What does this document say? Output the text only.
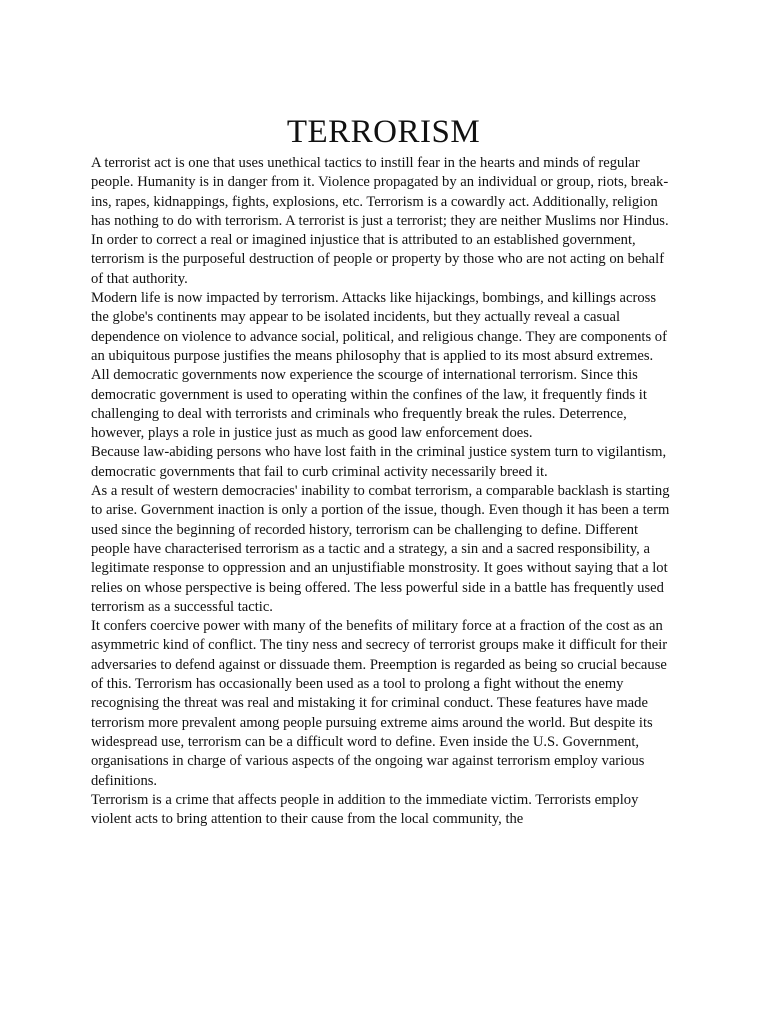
TERRORISM

A terrorist act is one that uses unethical tactics to instill fear in the hearts and minds of regular people. Humanity is in danger from it. Violence propagated by an individual or group, riots, break-ins, rapes, kidnappings, fights, explosions, etc. Terrorism is a cowardly act. Additionally, religion has nothing to do with terrorism. A terrorist is just a terrorist; they are neither Muslims nor Hindus.

In order to correct a real or imagined injustice that is attributed to an established government, terrorism is the purposeful destruction of people or property by those who are not acting on behalf of that authority.

Modern life is now impacted by terrorism. Attacks like hijackings, bombings, and killings across the globe's continents may appear to be isolated incidents, but they actually reveal a casual dependence on violence to advance social, political, and religious change. They are components of an ubiquitous purpose justifies the means philosophy that is applied to its most absurd extremes.

All democratic governments now experience the scourge of international terrorism. Since this democratic government is used to operating within the confines of the law, it frequently finds it challenging to deal with terrorists and criminals who frequently break the rules. Deterrence, however, plays a role in justice just as much as good law enforcement does.

Because law-abiding persons who have lost faith in the criminal justice system turn to vigilantism, democratic governments that fail to curb criminal activity necessarily breed it.

As a result of western democracies' inability to combat terrorism, a comparable backlash is starting to arise. Government inaction is only a portion of the issue, though. Even though it has been a term used since the beginning of recorded history, terrorism can be challenging to define. Different people have characterised terrorism as a tactic and a strategy, a sin and a sacred responsibility, a legitimate response to oppression and an unjustifiable monstrosity. It goes without saying that a lot relies on whose perspective is being offered. The less powerful side in a battle has frequently used terrorism as a successful tactic.

It confers coercive power with many of the benefits of military force at a fraction of the cost as an asymmetric kind of conflict. The tiny ness and secrecy of terrorist groups make it difficult for their adversaries to defend against or dissuade them. Preemption is regarded as being so crucial because of this. Terrorism has occasionally been used as a tool to prolong a fight without the enemy recognising the threat was real and mistaking it for criminal conduct. These features have made terrorism more prevalent among people pursuing extreme aims around the world. But despite its widespread use, terrorism can be a difficult word to define. Even inside the U.S. Government, organisations in charge of various aspects of the ongoing war against terrorism employ various definitions.

Terrorism is a crime that affects people in addition to the immediate victim. Terrorists employ violent acts to bring attention to their cause from the local community, the
